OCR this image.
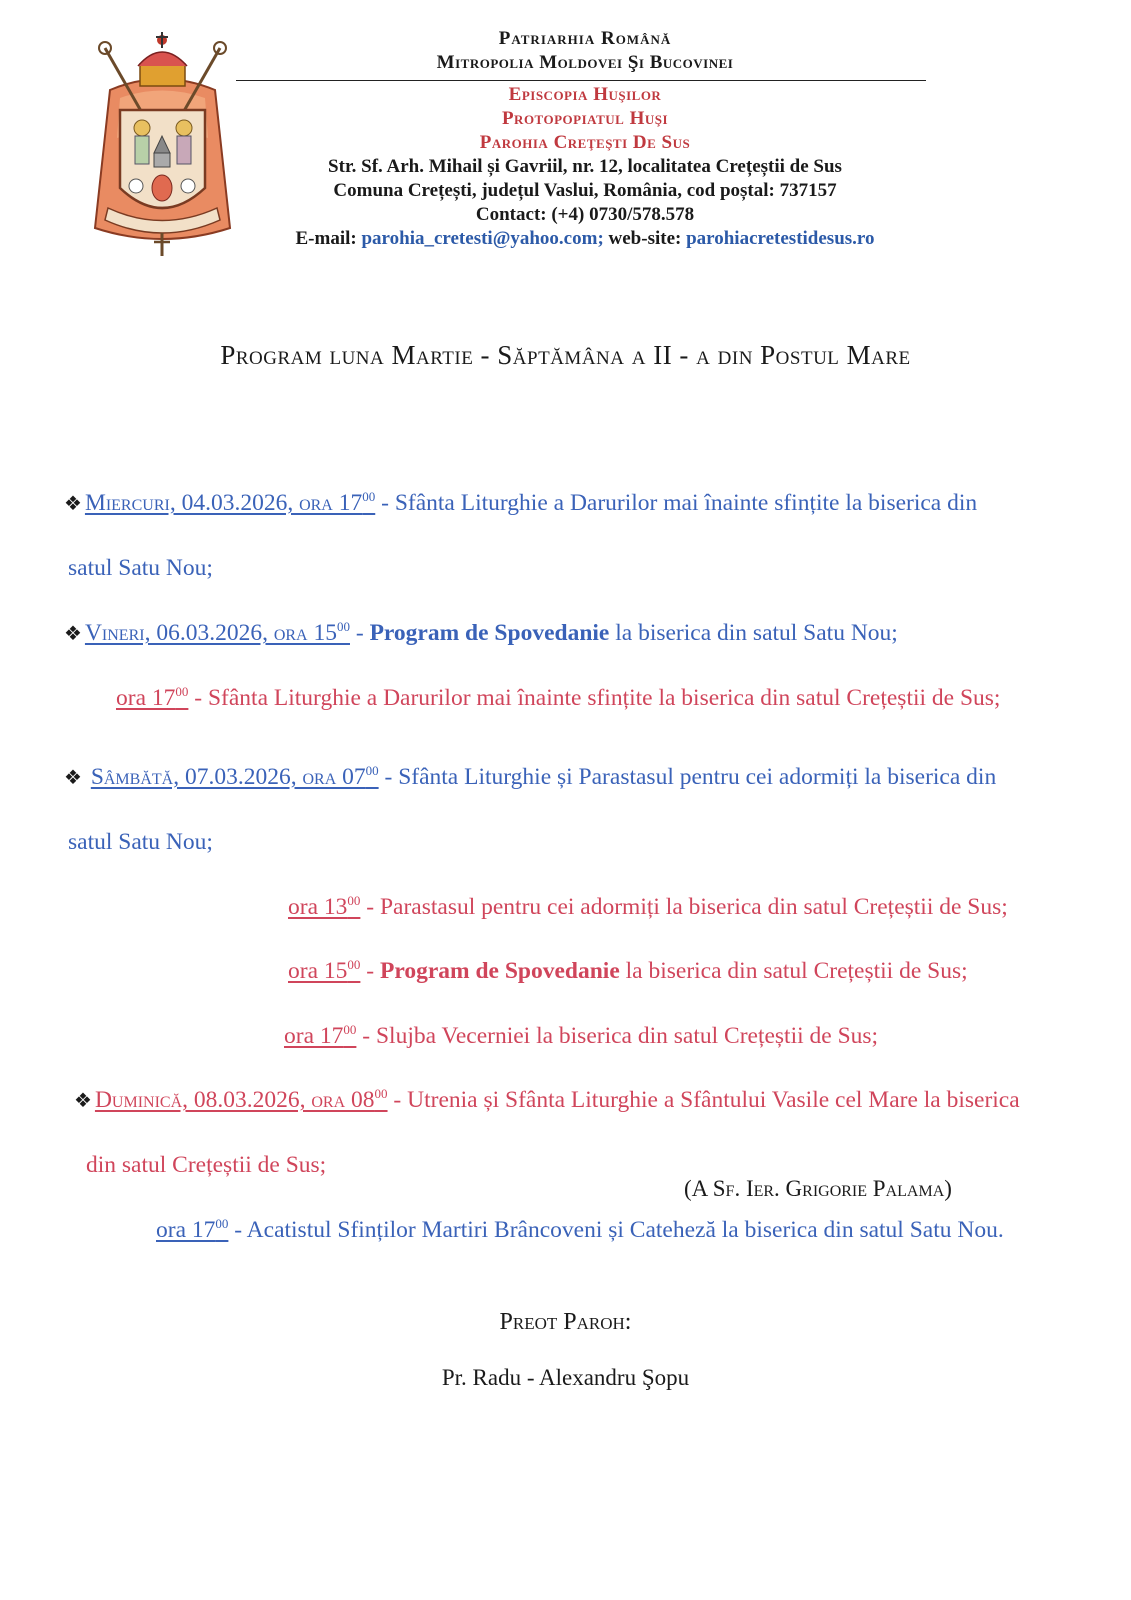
Patriarhia Română
Mitropolia Moldovei Şi Bucovinei
Episcopia Huşilor
Protopopiatul Huşi
Parohia Creţeşti De Sus
Str. Sf. Arh. Mihail și Gavriil, nr. 12, localitatea Crețeștii de Sus
Comuna Crețești, județul Vaslui, România, cod poștal: 737157
Contact: (+4) 0730/578.578
E-mail: parohia_cretesti@yahoo.com; web-site: parohiacretestidesus.ro
Program luna Martie - Săptămâna a II - a din Postul Mare
❖ Miercuri, 04.03.2026, ora $17^{00}$ - Sfânta Liturghie a Darurilor mai înainte sfințite la biserica din
satul Satu Nou;
❖ Vineri, 06.03.2026, ora $15^{00}$ - Program de Spovedanie la biserica din satul Satu Nou;
ora $17^{00}$ - Sfânta Liturghie a Darurilor mai înainte sfințite la biserica din satul Crețeștii de Sus;
❖ Sâmbătă, 07.03.2026, ora $07^{00}$ - Sfânta Liturghie și Parastasul pentru cei adormiți la biserica din
satul Satu Nou;
ora $13^{00}$ - Parastasul pentru cei adormiți la biserica din satul Crețeștii de Sus;
ora $15^{00}$ - Program de Spovedanie la biserica din satul Crețeștii de Sus;
ora $17^{00}$ - Slujba Vecerniei la biserica din satul Crețeștii de Sus;
❖ Duminică, 08.03.2026, ora $08^{00}$ - Utrenia și Sfânta Liturghie a Sfântului Vasile cel Mare la biserica
din satul Crețeștii de Sus;
(A Sf. Ier. Grigorie Palama)
ora $17^{00}$ - Acatistul Sfinților Martiri Brâncoveni și Cateheză la biserica din satul Satu Nou.
Preot Paroh:
Pr. Radu - Alexandru Şopu
